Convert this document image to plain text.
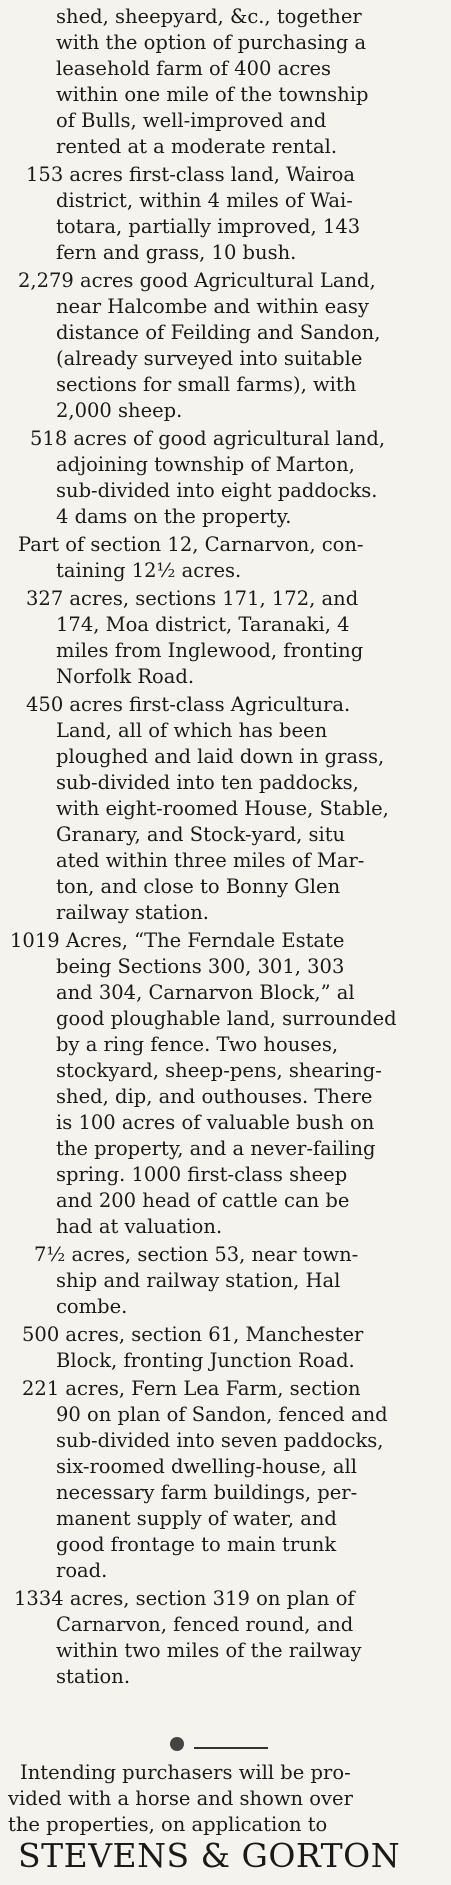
shed, sheepyard, &c., together
with the option of purchasing a
leasehold farm of 400 acres
within one mile of the township
of Bulls, well-improved and
rented at a moderate rental.
153 acres first-class land, Wairoa
district, within 4 miles of Wai-
totara, partially improved, 143
fern and grass, 10 bush.
2,279 acres good Agricultural Land,
near Halcombe and within easy
distance of Feilding and Sandon,
(already surveyed into suitable
sections for small farms), with
2,000 sheep.
518 acres of good agricultural land,
adjoining township of Marton,
sub-divided into eight paddocks.
4 dams on the property.
Part of section 12, Carnarvon, con-
taining 12½ acres.
327 acres, sections 171, 172, and
174, Moa district, Taranaki, 4
miles from Inglewood, fronting
Norfolk Road.
450 acres first-class Agricultura.
Land, all of which has been
ploughed and laid down in grass,
sub-divided into ten paddocks,
with eight-roomed House, Stable,
Granary, and Stock-yard, situ
ated within three miles of Mar-
ton, and close to Bonny Glen
railway station.
1019 Acres, “The Ferndale Estate
being Sections 300, 301, 303
and 304, Carnarvon Block,” al
good ploughable land, surrounded
by a ring fence. Two houses,
stockyard, sheep-pens, shearing-
shed, dip, and outhouses. There
is 100 acres of valuable bush on
the property, and a never-failing
spring. 1000 first-class sheep
and 200 head of cattle can be
had at valuation.
7½ acres, section 53, near town-
ship and railway station, Hal
combe.
500 acres, section 61, Manchester
Block, fronting Junction Road.
221 acres, Fern Lea Farm, section
90 on plan of Sandon, fenced and
sub-divided into seven paddocks,
six-roomed dwelling-house, all
necessary farm buildings, per-
manent supply of water, and
good frontage to main trunk
road.
1334 acres, section 319 on plan of
Carnarvon, fenced round, and
within two miles of the railway
station.
Intending purchasers will be pro-
vided with a horse and shown over
the properties, on application to
STEVENS & GORTON
